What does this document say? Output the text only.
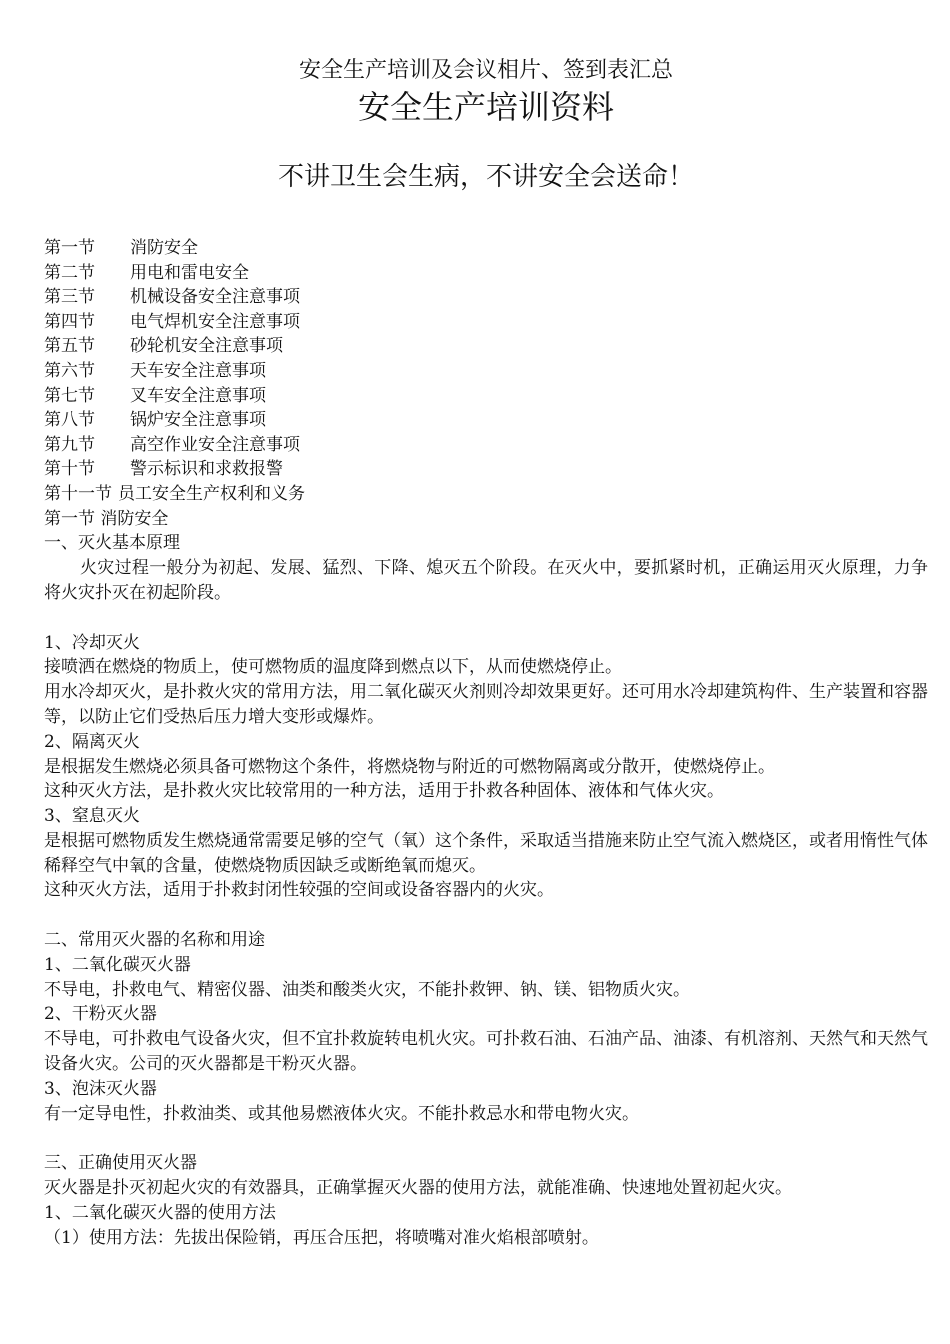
安全生产培训及会议相片、签到表汇总
安全生产培训资料
不讲卫生会生病，不讲安全会送命！
第一节	消防安全
第二节	用电和雷电安全
第三节	机械设备安全注意事项
第四节	电气焊机安全注意事项
第五节	砂轮机安全注意事项
第六节	天车安全注意事项
第七节	叉车安全注意事项
第八节	锅炉安全注意事项
第九节	高空作业安全注意事项
第十节	警示标识和求救报警
第十一节 员工安全生产权利和义务

第一节 消防安全

一、灭火基本原理

火灾过程一般分为初起、发展、猛烈、下降、熄灭五个阶段。在灭火中，要抓紧时机，正确运用灭火原理，力争将火灾扑灭在初起阶段。

1、冷却灭火

接喷洒在燃烧的物质上，使可燃物质的温度降到燃点以下，从而使燃烧停止。

用水冷却灭火，是扑救火灾的常用方法，用二氧化碳灭火剂则冷却效果更好。还可用水冷却建筑构件、生产装置和容器等，以防止它们受热后压力增大变形或爆炸。

2、隔离灭火

是根据发生燃烧必须具备可燃物这个条件，将燃烧物与附近的可燃物隔离或分散开，使燃烧停止。

这种灭火方法，是扑救火灾比较常用的一种方法，适用于扑救各种固体、液体和气体火灾。

3、窒息灭火

是根据可燃物质发生燃烧通常需要足够的空气（氧）这个条件，采取适当措施来防止空气流入燃烧区，或者用惰性气体稀释空气中氧的含量，使燃烧物质因缺乏或断绝氧而熄灭。

这种灭火方法，适用于扑救封闭性较强的空间或设备容器内的火灾。

二、常用灭火器的名称和用途

1、二氧化碳灭火器

不导电，扑救电气、精密仪器、油类和酸类火灾，不能扑救钾、钠、镁、铝物质火灾。

2、干粉灭火器

不导电，可扑救电气设备火灾，但不宜扑救旋转电机火灾。可扑救石油、石油产品、油漆、有机溶剂、天然气和天然气设备火灾。公司的灭火器都是干粉灭火器。

3、泡沫灭火器

有一定导电性，扑救油类、或其他易燃液体火灾。不能扑救忌水和带电物火灾。

三、正确使用灭火器

灭火器是扑灭初起火灾的有效器具，正确掌握灭火器的使用方法，就能准确、快速地处置初起火灾。

1、二氧化碳灭火器的使用方法

（1）使用方法：先拔出保险销，再压合压把，将喷嘴对准火焰根部喷射。
